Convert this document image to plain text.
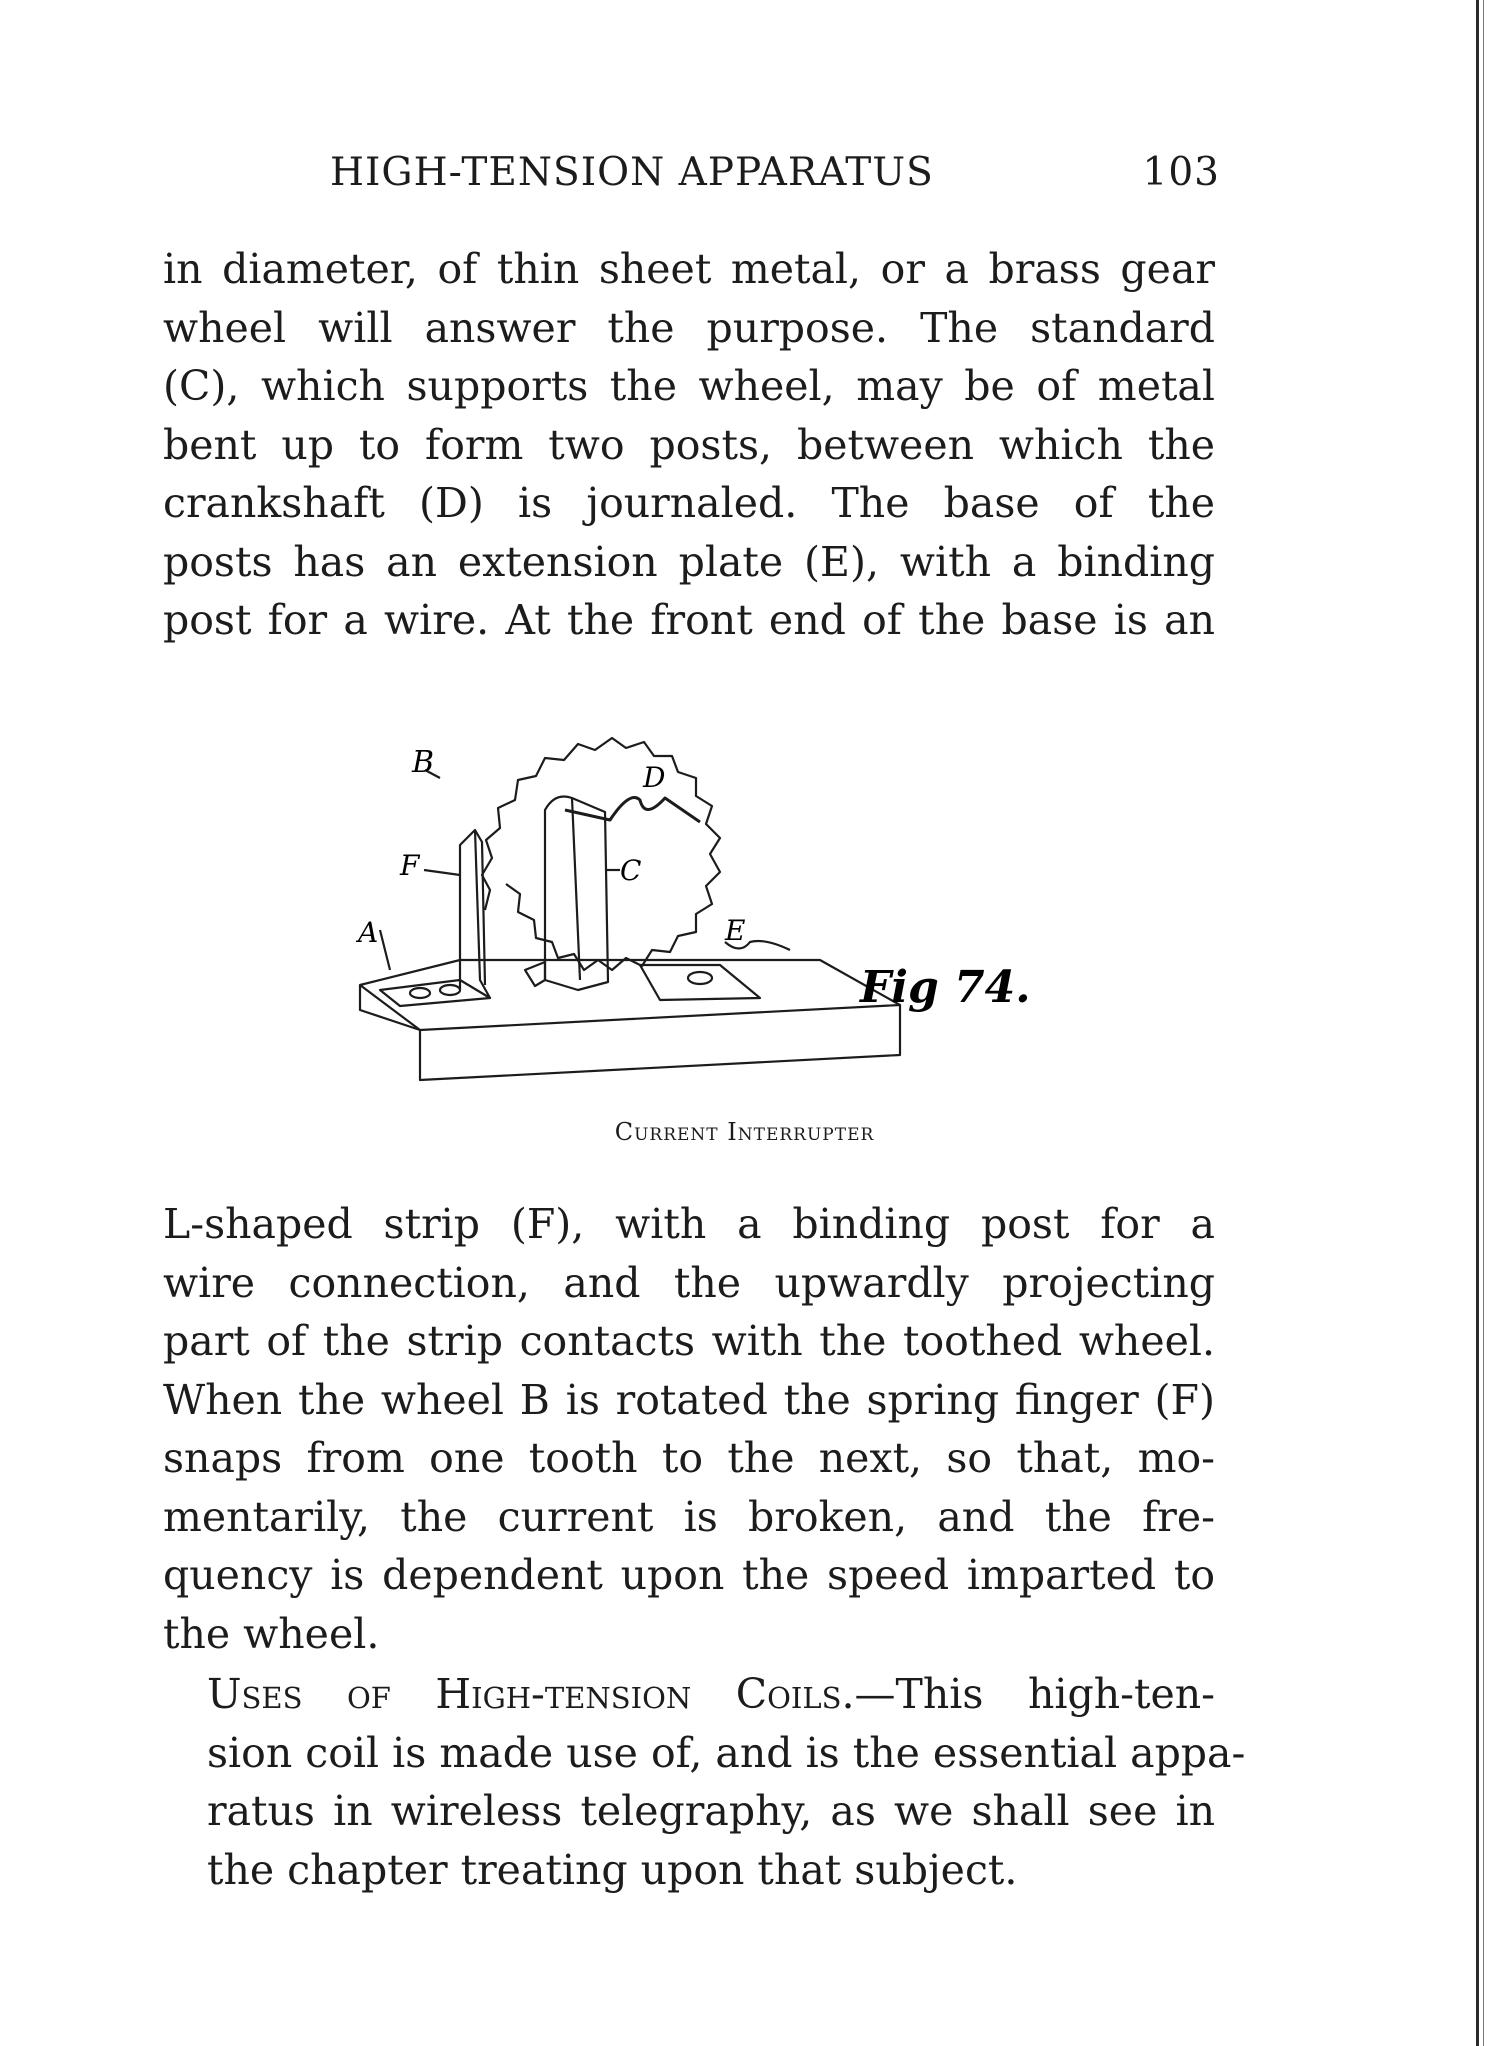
HIGH-TENSION APPARATUS	103
in diameter, of thin sheet metal, or a brass gear
wheel will answer the purpose. The standard
(C), which supports the wheel, may be of metal
bent up to form two posts, between which the
crankshaft (D) is journaled. The base of the
posts has an extension plate (E), with a binding
post for a wire. At the front end of the base is an
B	D
F	C
A	E
Fig 74.
Current Interrupter
L-shaped strip (F), with a binding post for a
wire connection, and the upwardly projecting
part of the strip contacts with the toothed wheel.
When the wheel B is rotated the spring finger (F)
snaps from one tooth to the next, so that, mo-
mentarily, the current is broken, and the fre-
quency is dependent upon the speed imparted to
the wheel.
Uses of High-tension Coils.—This high-ten-
sion coil is made use of, and is the essential appa-
ratus in wireless telegraphy, as we shall see in
the chapter treating upon that subject.
